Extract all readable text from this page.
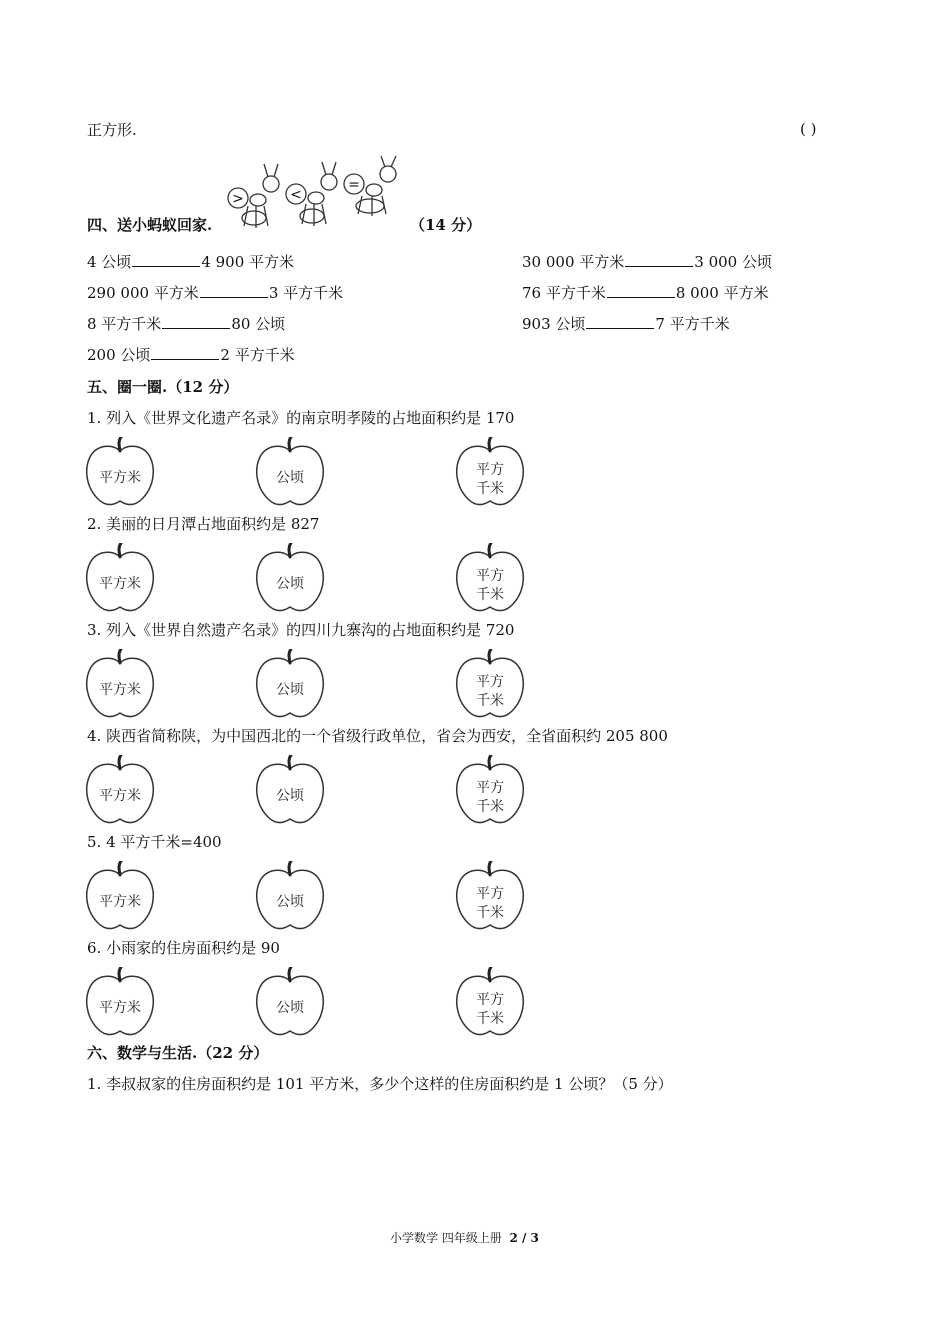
正方形.	( )
四、送小蚂蚁回家.
>	<
=
（14 分）
4 公顷	4 900 平方米	30 000 平方米	3 000 公顷
290 000 平方米	3 平方千米	76 平方千米	8 000 平方米
8 平方千米	80 公顷	903 公顷	7 平方千米
200 公顷	2 平方千米
五、圈一圈.（12 分）
1. 列入《世界文化遗产名录》的南京明孝陵的占地面积约是 170
平方米	公顷	平方
千米
2. 美丽的日月潭占地面积约是 827
平方米	公顷	平方
千米
3. 列入《世界自然遗产名录》的四川九寨沟的占地面积约是 720
平方米	公顷	平方
千米
4. 陕西省简称陕，为中国西北的一个省级行政单位，省会为西安，全省面积约 205 800
平方米	公顷	平方
千米
5. 4 平方千米=400
平方米	公顷	平方
千米
6. 小雨家的住房面积约是 90
平方米	公顷	平方
千米
六、数学与生活.（22 分）
1. 李叔叔家的住房面积约是 101 平方米，多少个这样的住房面积约是 1 公顷？（5 分）
小学数学 四年级上册 2 / 3
